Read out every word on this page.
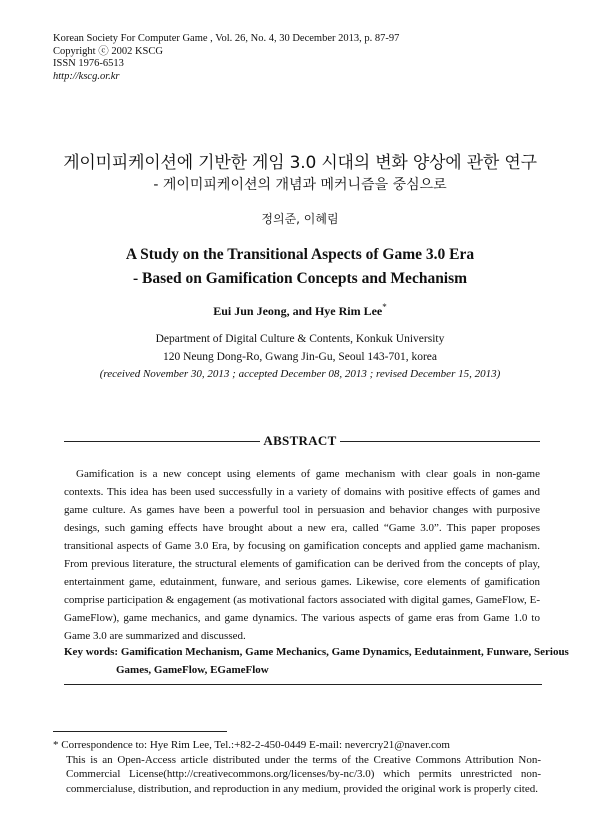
Korean Society For Computer Game , Vol. 26, No. 4, 30 December 2013, p. 87-97
Copyright ⓒ 2002 KSCG
ISSN 1976-6513
http://kscg.or.kr
게이미피케이션에 기반한 게임 3.0 시대의 변화 양상에 관한 연구
- 게이미피케이션의 개념과 메커니즘을 중심으로
정의준, 이혜림
A Study on the Transitional Aspects of Game 3.0 Era
- Based on Gamification Concepts and Mechanism
Eui Jun Jeong, and Hye Rim Lee*
Department of Digital Culture & Contents, Konkuk University
120 Neung Dong-Ro, Gwang Jin-Gu, Seoul 143-701, korea
(received November 30, 2013 ; accepted December 08, 2013 ; revised December 15, 2013)
ABSTRACT

Gamification is a new concept using elements of game mechanism with clear goals in non-game contexts. This idea has been used successfully in a variety of domains with positive effects of games and game culture. As games have been a powerful tool in persuasion and behavior changes with purposive desings, such gaming effects have brought about a new era, called “Game 3.0”. This paper proposes transitional aspects of Game 3.0 Era, by focusing on gamification concepts and applied game machanism. From previous literature, the structural elements of gamification can be derived from the concepts of play, entertainment game, edutainment, funware, and serious games. Likewise, core elements of gamification comprise participation & engagement (as motivational factors associated with digital games, GameFlow, E-GameFlow), game mechanics, and game dynamics. The various aspects of game eras from Game 1.0 to Game 3.0 are summarized and discussed.

Key words: Gamification Mechanism, Game Mechanics, Game Dynamics, Eedutainment, Funware, Serious Games, GameFlow, EGameFlow

* Correspondence to: Hye Rim Lee, Tel.:+82-2-450-0449 E-mail: nevercry21@naver.com
This is an Open-Access article distributed under the terms of the Creative Commons Attribution Non-Commercial License(http://creativecommons.org/licenses/by-nc/3.0) which permits unrestricted non-commercialuse, distribution, and reproduction in any medium, provided the original work is properly cited.
